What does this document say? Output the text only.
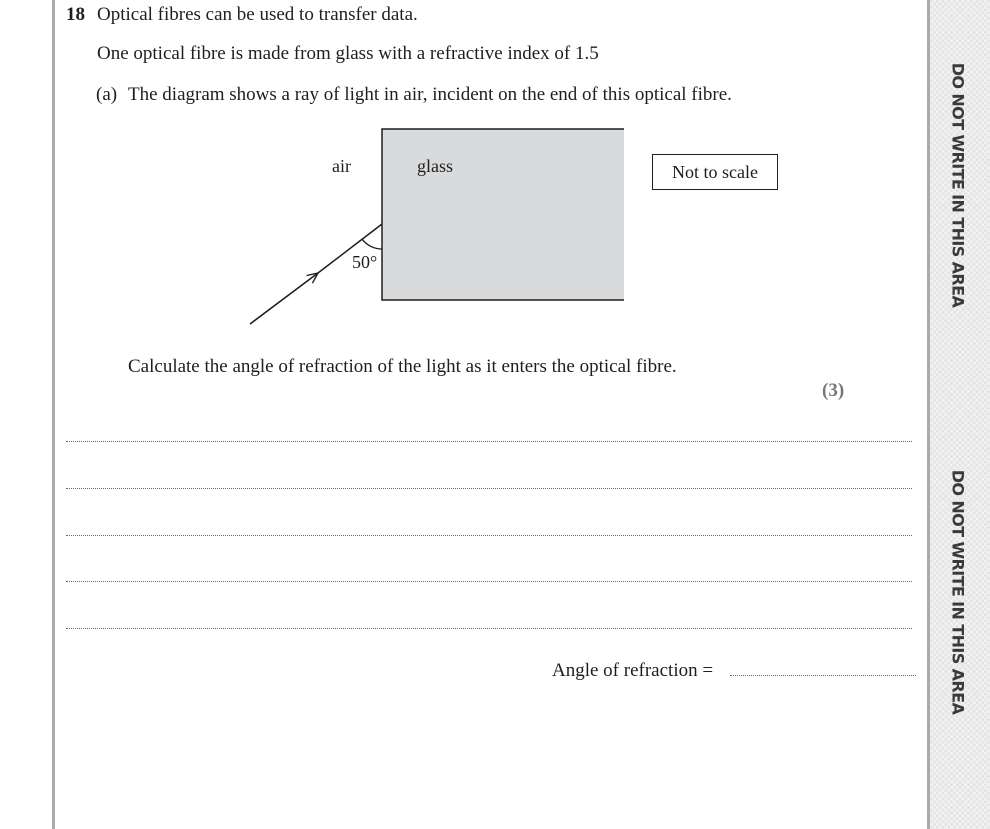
DO NOT WRITE IN THIS AREA
DO NOT WRITE IN THIS AREA
18 Optical fibres can be used to transfer data.
One optical fibre is made from glass with a refractive index of 1.5
(a) The diagram shows a ray of light in air, incident on the end of this optical fibre.
air	glass
50°
Not to scale
Calculate the angle of refraction of the light as it enters the optical fibre.
(3)
Angle of refraction =
